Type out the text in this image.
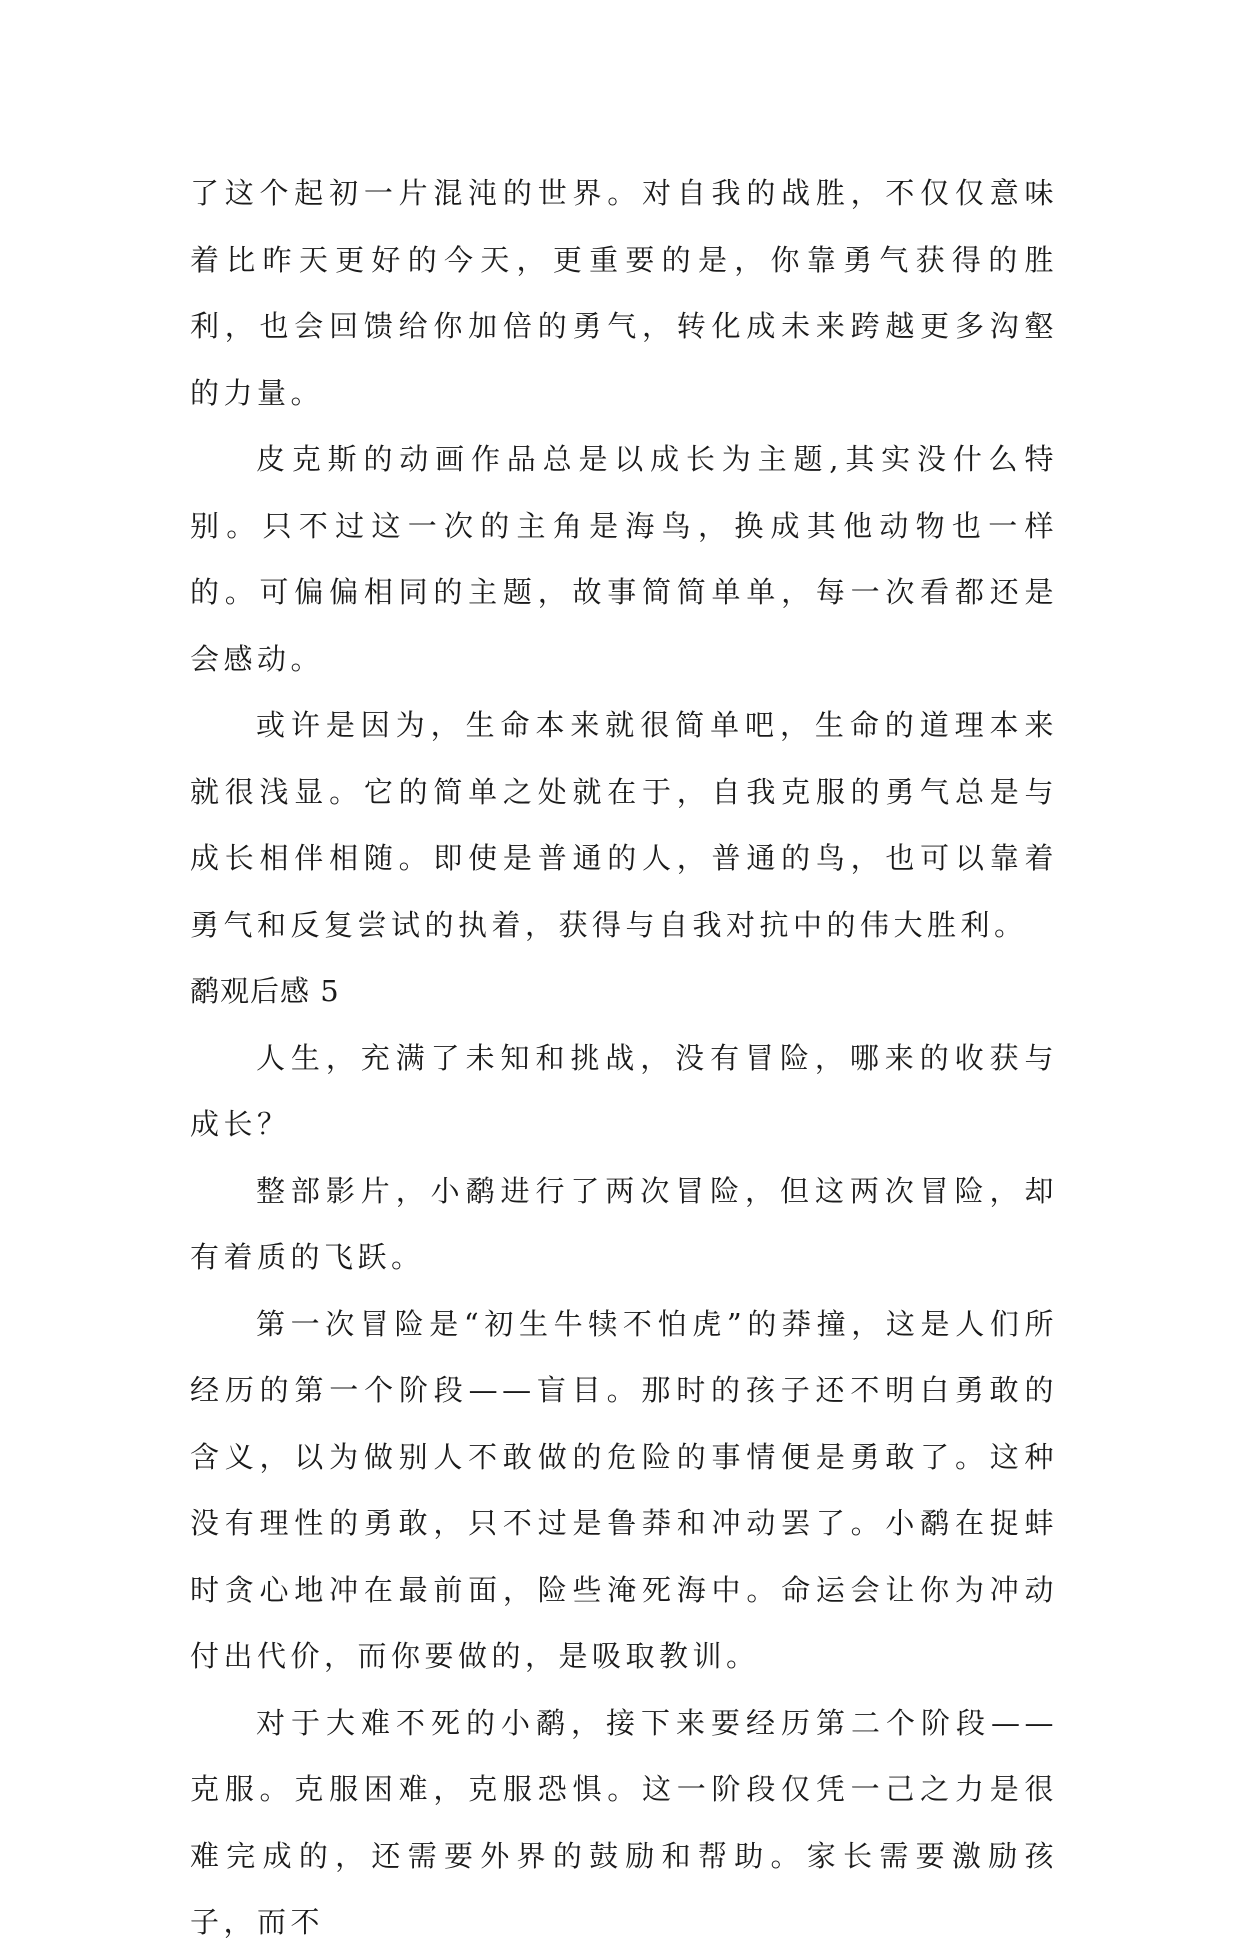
了这个起初一片混沌的世界。对自我的战胜，不仅仅意味着比昨天更好的今天，更重要的是，你靠勇气获得的胜利，也会回馈给你加倍的勇气，转化成未来跨越更多沟壑的力量。

皮克斯的动画作品总是以成长为主题,其实没什么特别。只不过这一次的主角是海鸟，换成其他动物也一样的。可偏偏相同的主题，故事简简单单，每一次看都还是会感动。

或许是因为，生命本来就很简单吧，生命的道理本来就很浅显。它的简单之处就在于，自我克服的勇气总是与成长相伴相随。即使是普通的人，普通的鸟，也可以靠着勇气和反复尝试的执着，获得与自我对抗中的伟大胜利。

鹬观后感 5

人生，充满了未知和挑战，没有冒险，哪来的收获与成长？

整部影片，小鹬进行了两次冒险，但这两次冒险，却有着质的飞跃。

第一次冒险是“初生牛犊不怕虎”的莽撞，这是人们所经历的第一个阶段——盲目。那时的孩子还不明白勇敢的含义，以为做别人不敢做的危险的事情便是勇敢了。这种没有理性的勇敢，只不过是鲁莽和冲动罢了。小鹬在捉蚌时贪心地冲在最前面，险些淹死海中。命运会让你为冲动付出代价，而你要做的，是吸取教训。

对于大难不死的小鹬，接下来要经历第二个阶段——克服。克服困难，克服恐惧。这一阶段仅凭一己之力是很难完成的，还需要外界的鼓励和帮助。家长需要激励孩子，而不
